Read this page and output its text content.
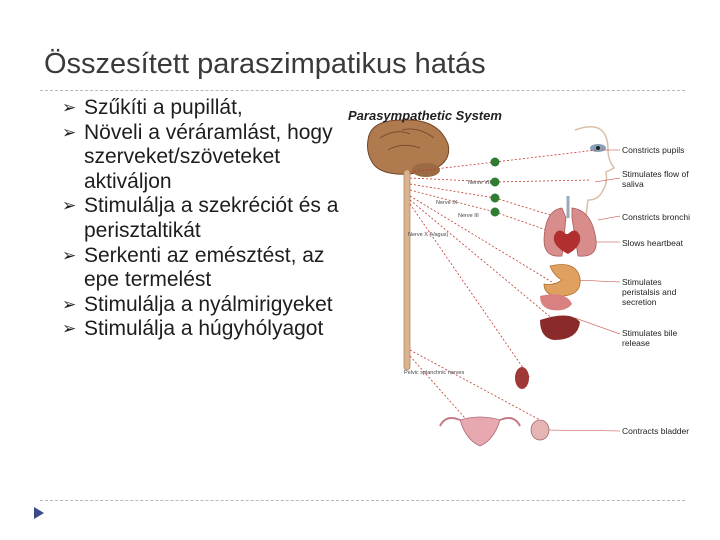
Összesített paraszimpatikus hatás
➢ Szűkíti a pupillát,
➢ Növeli a véráramlást, hogy szerveket/szöveteket aktiváljon
➢ Stimulálja a szekréciót és a perisztaltikát
➢ Serkenti az emésztést, az epe termelést
➢ Stimulálja a nyálmirigyeket
➢ Stimulálja a húgyhólyagot
Parasympathetic System
Nerve VII
Nerve IX
Nerve III
Nerve X (Vagus)
Pelvic splanchnic nerves
Constricts pupils
Stimulates flow of saliva
Constricts bronchi
Slows heartbeat
Stimulates peristalsis and secretion
Stimulates bile release
Contracts bladder
